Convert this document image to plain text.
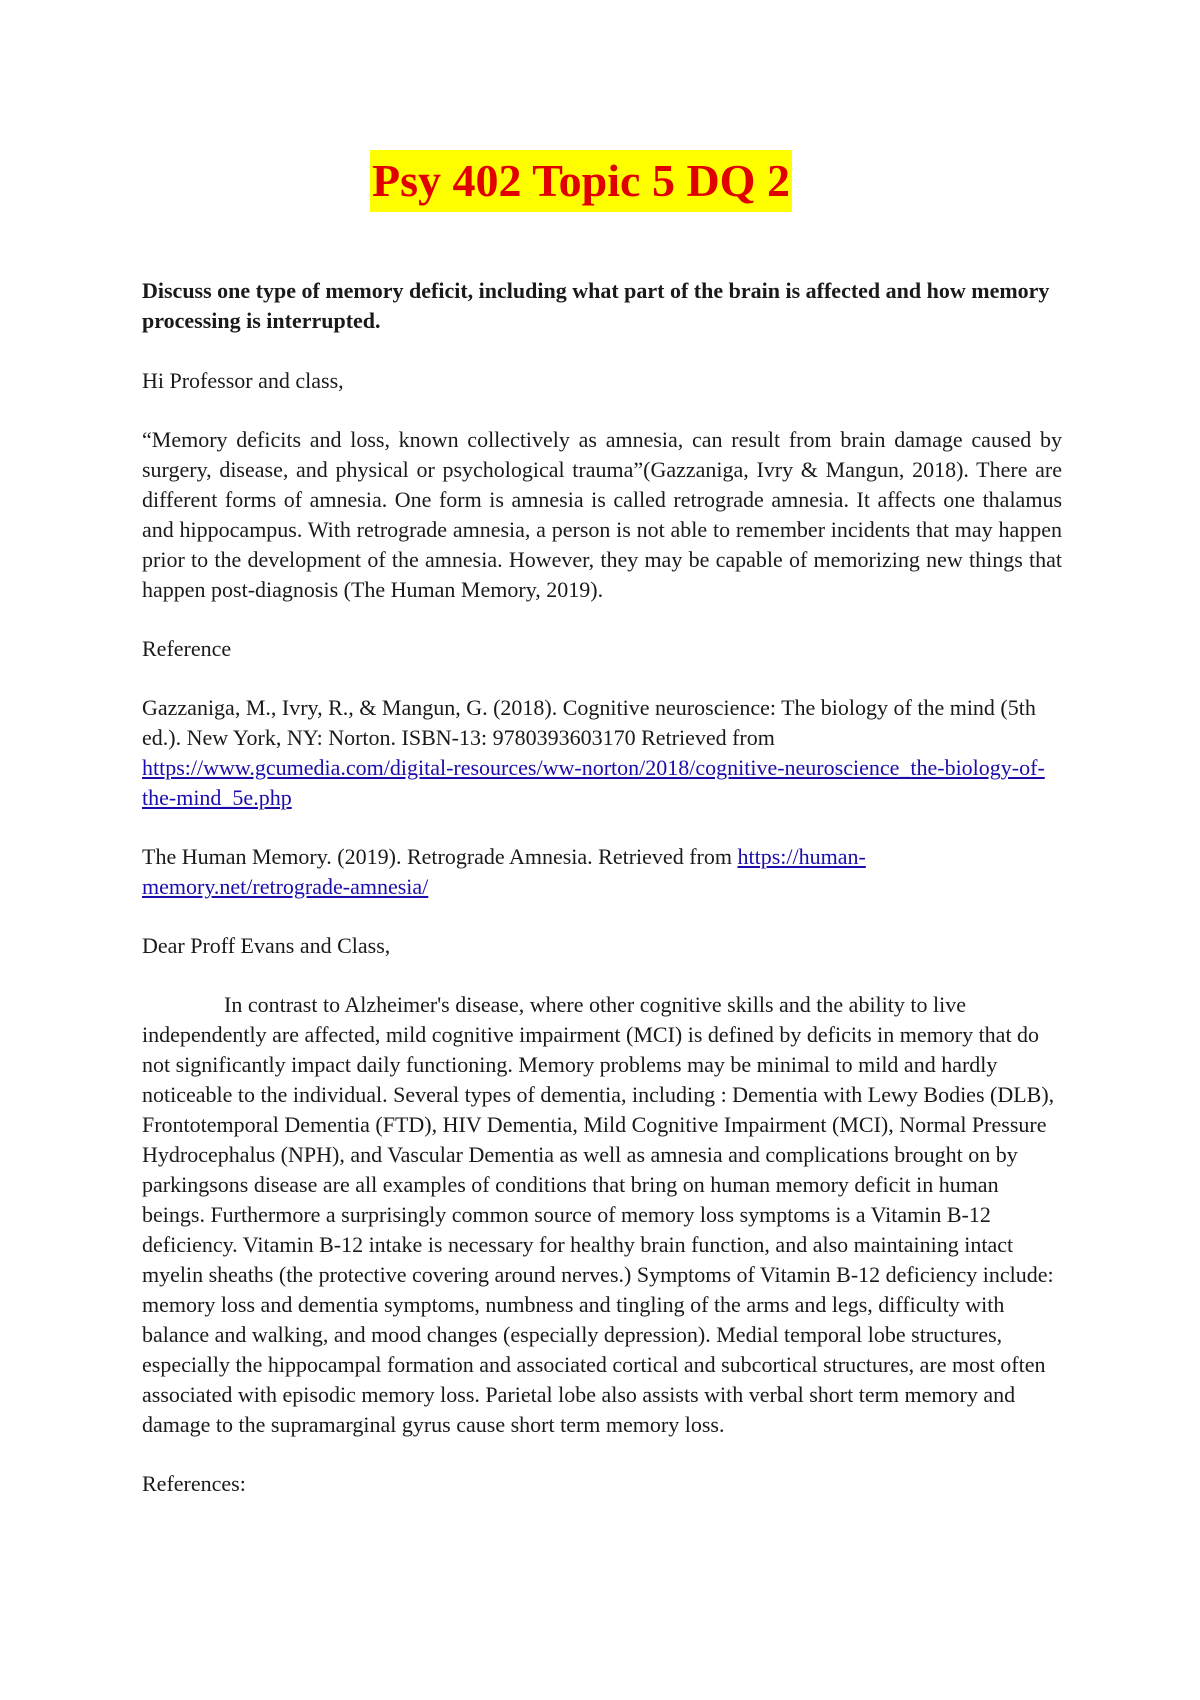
Psy 402 Topic 5 DQ 2

Discuss one type of memory deficit, including what part of the brain is affected and how memory processing is interrupted.

Hi Professor and class,

“Memory deficits and loss, known collectively as amnesia, can result from brain damage caused by surgery, disease, and physical or psychological trauma”(Gazzaniga, Ivry & Mangun, 2018). There are different forms of amnesia. One form is amnesia is called retrograde amnesia. It affects one thalamus and hippocampus. With retrograde amnesia, a person is not able to remember incidents that may happen prior to the development of the amnesia. However, they may be capable of memorizing new things that happen post-diagnosis (The Human Memory, 2019).

Reference

Gazzaniga, M., Ivry, R., & Mangun, G. (2018). Cognitive neuroscience: The biology of the mind (5th ed.). New York, NY: Norton. ISBN-13: 9780393603170 Retrieved from https://www.gcumedia.com/digital-resources/ww-norton/2018/cognitive-neuroscience_the-biology-of-the-mind_5e.php

The Human Memory. (2019). Retrograde Amnesia. Retrieved from https://human-memory.net/retrograde-amnesia/

Dear Proff Evans and Class,

In contrast to Alzheimer's disease, where other cognitive skills and the ability to live independently are affected, mild cognitive impairment (MCI) is defined by deficits in memory that do not significantly impact daily functioning. Memory problems may be minimal to mild and hardly noticeable to the individual. Several types of dementia, including : Dementia with Lewy Bodies (DLB), Frontotemporal Dementia (FTD), HIV Dementia, Mild Cognitive Impairment (MCI), Normal Pressure Hydrocephalus (NPH), and Vascular Dementia as well as amnesia and complications brought on by parkingsons disease are all examples of conditions that bring on human memory deficit in human beings. Furthermore a surprisingly common source of memory loss symptoms is a Vitamin B-12 deficiency. Vitamin B-12 intake is necessary for healthy brain function, and also maintaining intact myelin sheaths (the protective covering around nerves.) Symptoms of Vitamin B-12 deficiency include: memory loss and dementia symptoms, numbness and tingling of the arms and legs, difficulty with balance and walking, and mood changes (especially depression). Medial temporal lobe structures, especially the hippocampal formation and associated cortical and subcortical structures, are most often associated with episodic memory loss. Parietal lobe also assists with verbal short term memory and damage to the supramarginal gyrus cause short term memory loss.

References:
